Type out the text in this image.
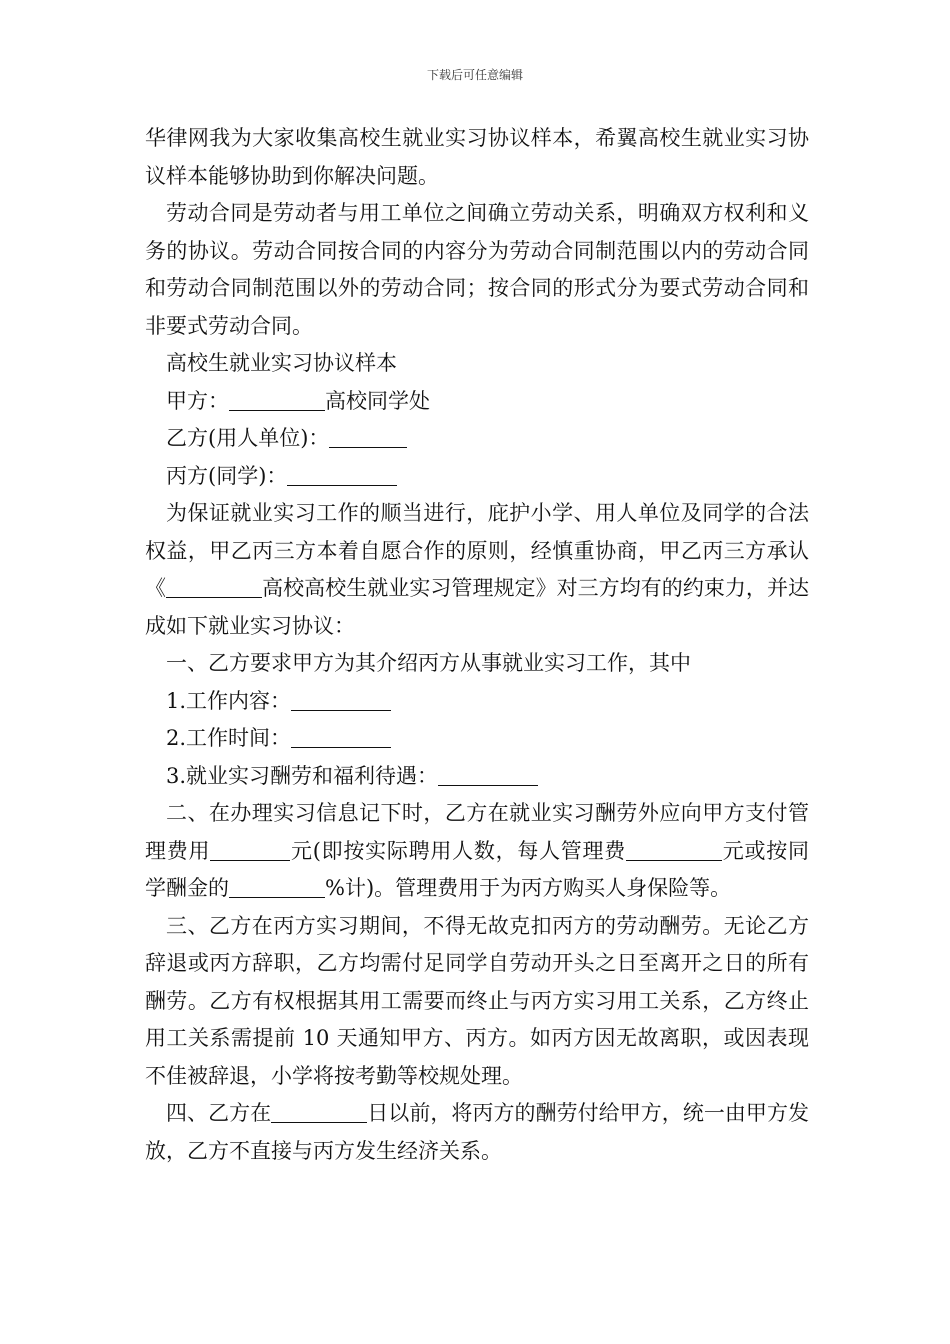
下载后可任意编辑

华律网我为大家收集高校生就业实习协议样本，希翼高校生就业实习协议样本能够协助到你解决问题。

劳动合同是劳动者与用工单位之间确立劳动关系，明确双方权利和义务的协议。劳动合同按合同的内容分为劳动合同制范围以内的劳动合同和劳动合同制范围以外的劳动合同；按合同的形式分为要式劳动合同和非要式劳动合同。

高校生就业实习协议样本

甲方：	高校同学处

乙方(用人单位)：

丙方(同学)：

为保证就业实习工作的顺当进行，庇护小学、用人单位及同学的合法权益，甲乙丙三方本着自愿合作的原则，经慎重协商，甲乙丙三方承认《	高校高校生就业实习管理规定》对三方均有的约束力，并达成如下就业实习协议：

一、乙方要求甲方为其介绍丙方从事就业实习工作，其中

1.工作内容：

2.工作时间：

3.就业实习酬劳和福利待遇：

二、在办理实习信息记下时，乙方在就业实习酬劳外应向甲方支付管理费用	元(即按实际聘用人数，每人管理费	元或按同学酬金的	%计)。管理费用于为丙方购买人身保险等。

三、乙方在丙方实习期间，不得无故克扣丙方的劳动酬劳。无论乙方辞退或丙方辞职，乙方均需付足同学自劳动开头之日至离开之日的所有酬劳。乙方有权根据其用工需要而终止与丙方实习用工关系，乙方终止用工关系需提前 10 天通知甲方、丙方。如丙方因无故离职，或因表现不佳被辞退，小学将按考勤等校规处理。

四、乙方在	日以前，将丙方的酬劳付给甲方，统一由甲方发放，乙方不直接与丙方发生经济关系。
